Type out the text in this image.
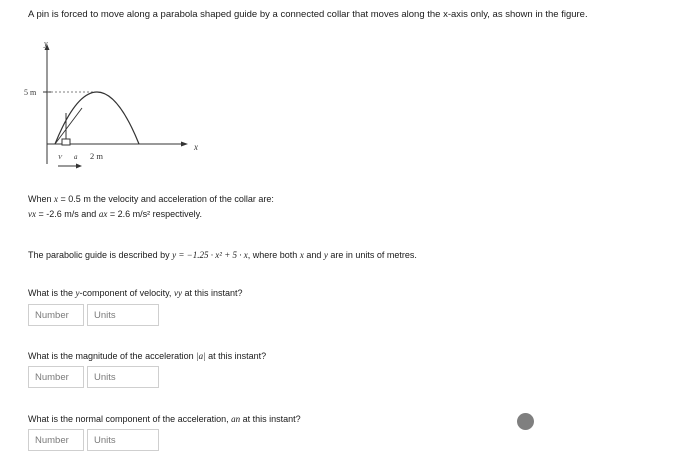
A pin is forced to move along a parabola shaped guide by a connected collar that moves along the x-axis only, as shown in the figure.
y
x
5 m
V a 2 m
When x = 0.5 m the velocity and acceleration of the collar are:
vx = -2.6 m/s and ax = 2.6 m/s² respectively.
The parabolic guide is described by y = −1.25 · x² + 5 · x, where both x and y are in units of metres.
What is the y-component of velocity, vy at this instant?
Number	Units
What is the magnitude of the acceleration |a| at this instant?
Number	Units
What is the normal component of the acceleration, an at this instant?
Number	Units
